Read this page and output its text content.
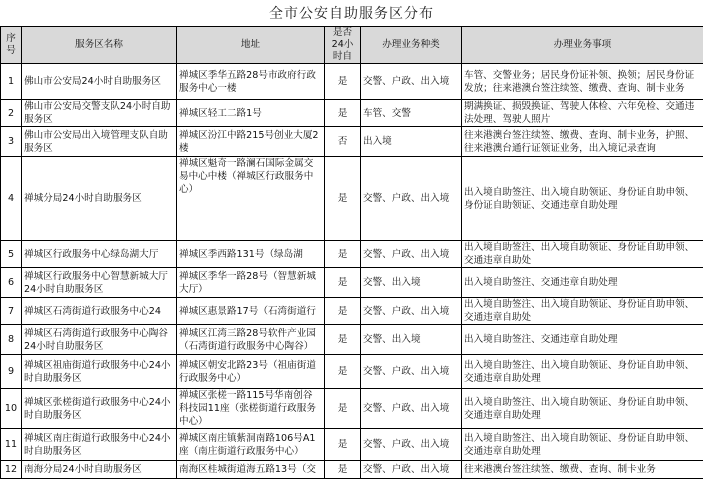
全市公安自助服务区分布
序号	服务区名称	地址	是否24小时自	办理业务种类	办理业务事项
1	佛山市公安局24小时自助服务区	禅城区季华五路28号市政府行政服务中心一楼	是	交警、户政、出入境	车管、交警业务；居民身份证补领、换领；居民身份证发放；往来港澳台签注续签、缴费、查询、制卡业务
2	佛山市公安局交警支队24小时自助服务区	禅城区轻工二路1号	是	车管、交警	期满换证、损毁换证、驾驶人体检、六年免检、交通违法处理、驾驶人照片
3	佛山市公安局出入境管理支队自助服务区	禅城区汾江中路215号创业大厦2楼	否	出入境	往来港澳台签注续签、缴费、查询、制卡业务，护照、往来港澳台通行证领证业务，出入境记录查询
4	禅城分局24小时自助服务区	禅城区魁奇一路澜石国际金属交易中心中楼（禅城区行政服务中心）	是	交警、户政、出入境	出入境自助签注、出入境自助领证、身份证自助申领、身份证自助领证、交通违章自助处理
5	禅城区行政服务中心绿岛湖大厅	禅城区季西路131号（绿岛湖	是	交警、户政、出入境	出入境自助签注、出入境自助领证、身份证自助申领、交通违章自助处
6	禅城区行政服务中心智慧新城大厅24小时自助服务区	禅城区季华一路28号（智慧新城大厅）	是	交警、出入境	出入境自助签注、交通违章自助处理
7	禅城区石湾街道行政服务中心24	禅城区惠景路17号（石湾街道行	是	交警、户政、出入境	出入境自助签注、出入境自助领证、身份证自助申领、交通违章自助处
8	禅城区石湾街道行政服务中心陶谷24小时自助服务区	禅城区江湾三路28号软件产业园（石湾街道行政服务中心陶谷）	是	交警、出入境	出入境自助签注、交通违章自助处理
9	禅城区祖庙街道行政服务中心24小时自助服务区	禅城区朝安北路23号（祖庙街道行政服务中心）	是	交警、户政、出入境	出入境自助签注、出入境自助领证、身份证自助申领、交通违章自助处理
10	禅城区张槎街道行政服务中心24小时自助服务区	禅城区张槎一路115号华南创谷科技园11座（张槎街道行政服务中心）	是	交警、户政、出入境	出入境自助签注、出入境自助领证、身份证自助申领、交通违章自助处理
11	禅城区南庄街道行政服务中心24小时自助服务区	禅城区南庄镇紫洞南路106号A1座（南庄街道行政服务中心）	是	交警、户政、出入境	出入境自助签注、出入境自助领证、身份证自助申领、交通违章自助处理
12	南海分局24小时自助服务区	南海区桂城街道海五路13号（交	是	交警、户政、出入境	往来港澳台签注续签、缴费、查询、制卡业务
